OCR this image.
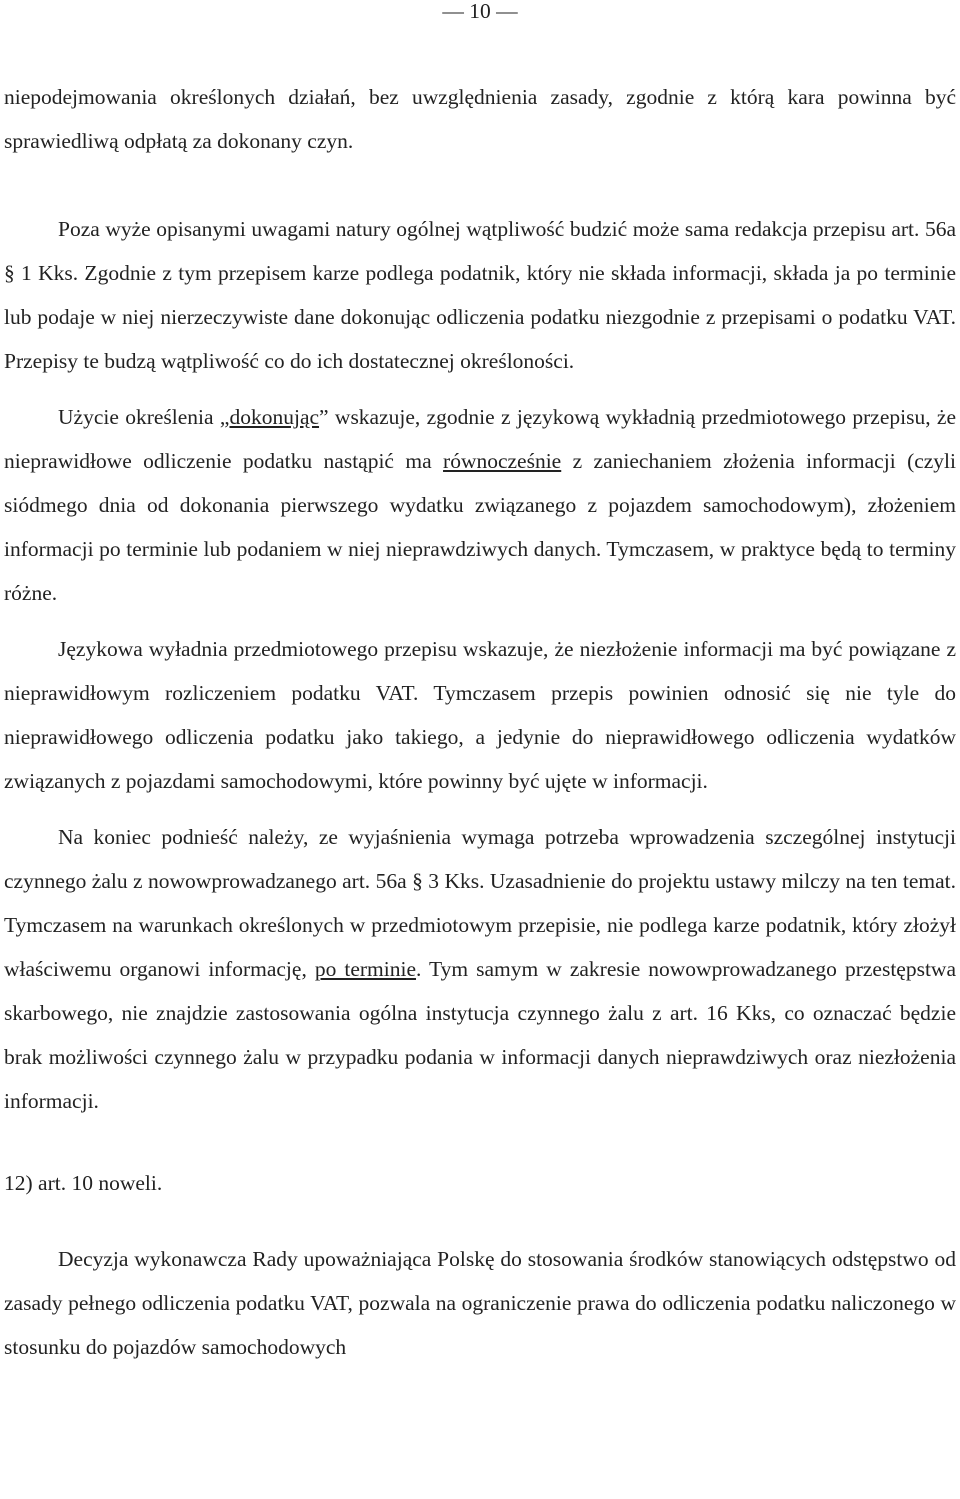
— 10 —

niepodejmowania określonych działań, bez uwzględnienia zasady, zgodnie z którą kara powinna być sprawiedliwą odpłatą za dokonany czyn.

Poza wyże opisanymi uwagami natury ogólnej wątpliwość budzić może sama redakcja przepisu art. 56a § 1 Kks. Zgodnie z tym przepisem karze podlega podatnik, który nie składa informacji, składa ja po terminie lub podaje w niej nierzeczywiste dane dokonując odliczenia podatku niezgodnie z przepisami o podatku VAT. Przepisy te budzą wątpliwość co do ich dostatecznej określoności.

Użycie określenia „dokonując” wskazuje, zgodnie z językową wykładnią przedmiotowego przepisu, że nieprawidłowe odliczenie podatku nastąpić ma równocześnie z zaniechaniem złożenia informacji (czyli siódmego dnia od dokonania pierwszego wydatku związanego z pojazdem samochodowym), złożeniem informacji po terminie lub podaniem w niej nieprawdziwych danych. Tymczasem, w praktyce będą to terminy różne.

Językowa wyładnia przedmiotowego przepisu wskazuje, że niezłożenie informacji ma być powiązane z nieprawidłowym rozliczeniem podatku VAT. Tymczasem przepis powinien odnosić się nie tyle do nieprawidłowego odliczenia podatku jako takiego, a jedynie do nieprawidłowego odliczenia wydatków związanych z pojazdami samochodowymi, które powinny być ujęte w informacji.

Na koniec podnieść należy, ze wyjaśnienia wymaga potrzeba wprowadzenia szczególnej instytucji czynnego żalu z nowowprowadzanego art. 56a § 3 Kks. Uzasadnienie do projektu ustawy milczy na ten temat. Tymczasem na warunkach określonych w przedmiotowym przepisie, nie podlega karze podatnik, który złożył właściwemu organowi informację, po terminie. Tym samym w zakresie nowowprowadzanego przestępstwa skarbowego, nie znajdzie zastosowania ogólna instytucja czynnego żalu z art. 16 Kks, co oznaczać będzie brak możliwości czynnego żalu w przypadku podania w informacji danych nieprawdziwych oraz niezłożenia informacji.

12) art. 10 noweli.

Decyzja wykonawcza Rady upoważniająca Polskę do stosowania środków stanowiących odstępstwo od zasady pełnego odliczenia podatku VAT, pozwala na ograniczenie prawa do odliczenia podatku naliczonego w stosunku do pojazdów samochodowych
